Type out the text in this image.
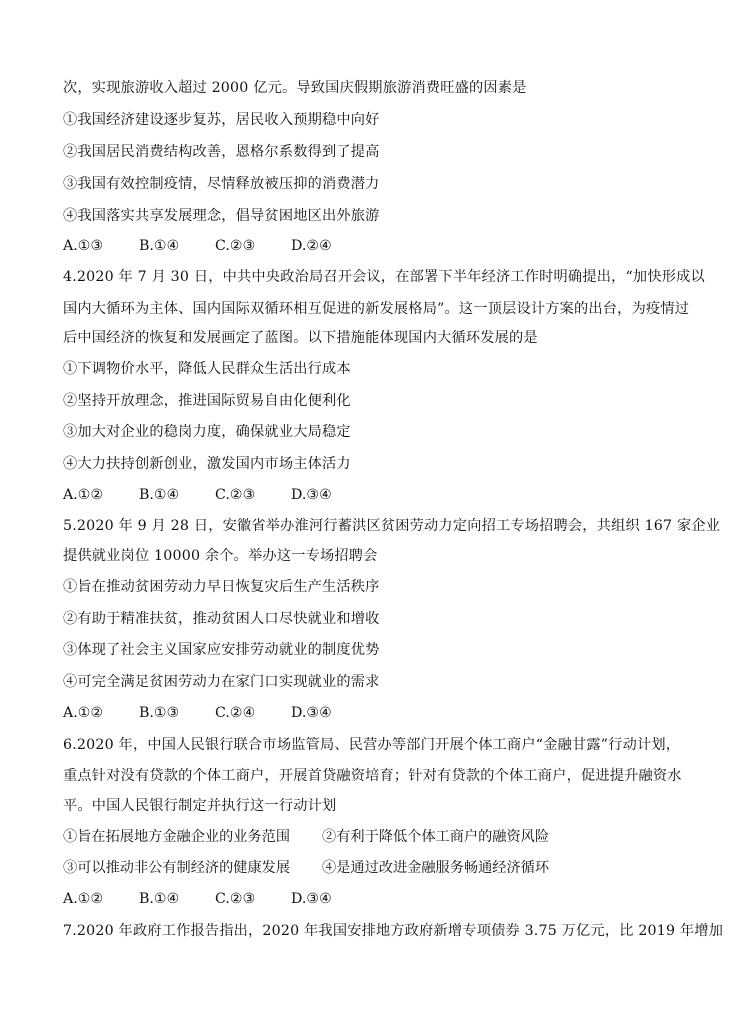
次，实现旅游收入超过 2000 亿元。导致国庆假期旅游消费旺盛的因素是
①我国经济建设逐步复苏，居民收入预期稳中向好
②我国居民消费结构改善，恩格尔系数得到了提高
③我国有效控制疫情，尽情释放被压抑的消费潜力
④我国落实共享发展理念，倡导贫困地区出外旅游
A.①③	B.①④	C.②③	D.②④
4.2020 年 7 月 30 日，中共中央政治局召开会议，在部署下半年经济工作时明确提出，“加快形成以
国内大循环为主体、国内国际双循环相互促进的新发展格局”。这一顶层设计方案的出台，为疫情过
后中国经济的恢复和发展画定了蓝图。以下措施能体现国内大循环发展的是
①下调物价水平，降低人民群众生活出行成本
②坚持开放理念，推进国际贸易自由化便利化
③加大对企业的稳岗力度，确保就业大局稳定
④大力扶持创新创业，激发国内市场主体活力
A.①②	B.①④	C.②③	D.③④
5.2020 年 9 月 28 日，安徽省举办淮河行蓄洪区贫困劳动力定向招工专场招聘会，共组织 167 家企业
提供就业岗位 10000 余个。举办这一专场招聘会
①旨在推动贫困劳动力早日恢复灾后生产生活秩序
②有助于精准扶贫，推动贫困人口尽快就业和增收
③体现了社会主义国家应安排劳动就业的制度优势
④可完全满足贫困劳动力在家门口实现就业的需求
A.①②	B.①③	C.②④	D.③④
6.2020 年，中国人民银行联合市场监管局、民营办等部门开展个体工商户“金融甘露”行动计划，
重点针对没有贷款的个体工商户，开展首贷融资培育；针对有贷款的个体工商户，促进提升融资水
平。中国人民银行制定并执行这一行动计划
①旨在拓展地方金融企业的业务范围 ②有利于降低个体工商户的融资风险
③可以推动非公有制经济的健康发展 ④是通过改进金融服务畅通经济循环
A.①②	B.①④	C.②③	D.③④
7.2020 年政府工作报告指出，2020 年我国安排地方政府新增专项债券 3.75 万亿元，比 2019 年增加
